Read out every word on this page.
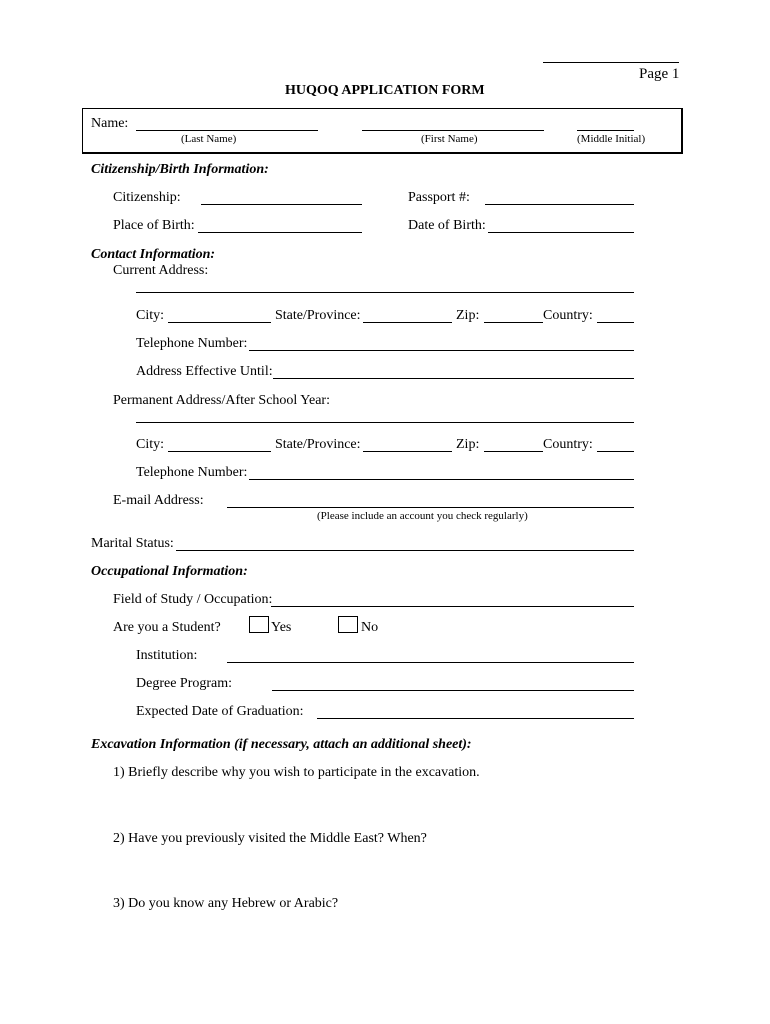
Page 1
HUQOQ APPLICATION FORM
Name:
(Last Name)	(First Name)	(Middle Initial)
Citizenship/Birth Information:
Citizenship:	Passport #:
Place of Birth:	Date of Birth:
Contact Information:
Current Address:
City:	State/Province:	Zip:	Country:
Telephone Number:
Address Effective Until:
Permanent Address/After School Year:
City:	State/Province:	Zip:	Country:
Telephone Number:
E-mail Address:
(Please include an account you check regularly)
Marital Status:
Occupational Information:
Field of Study / Occupation:
Are you a Student?	Yes	No
Institution:
Degree Program:
Expected Date of Graduation:
Excavation Information (if necessary, attach an additional sheet):
1) Briefly describe why you wish to participate in the excavation.
2) Have you previously visited the Middle East? When?
3) Do you know any Hebrew or Arabic?
